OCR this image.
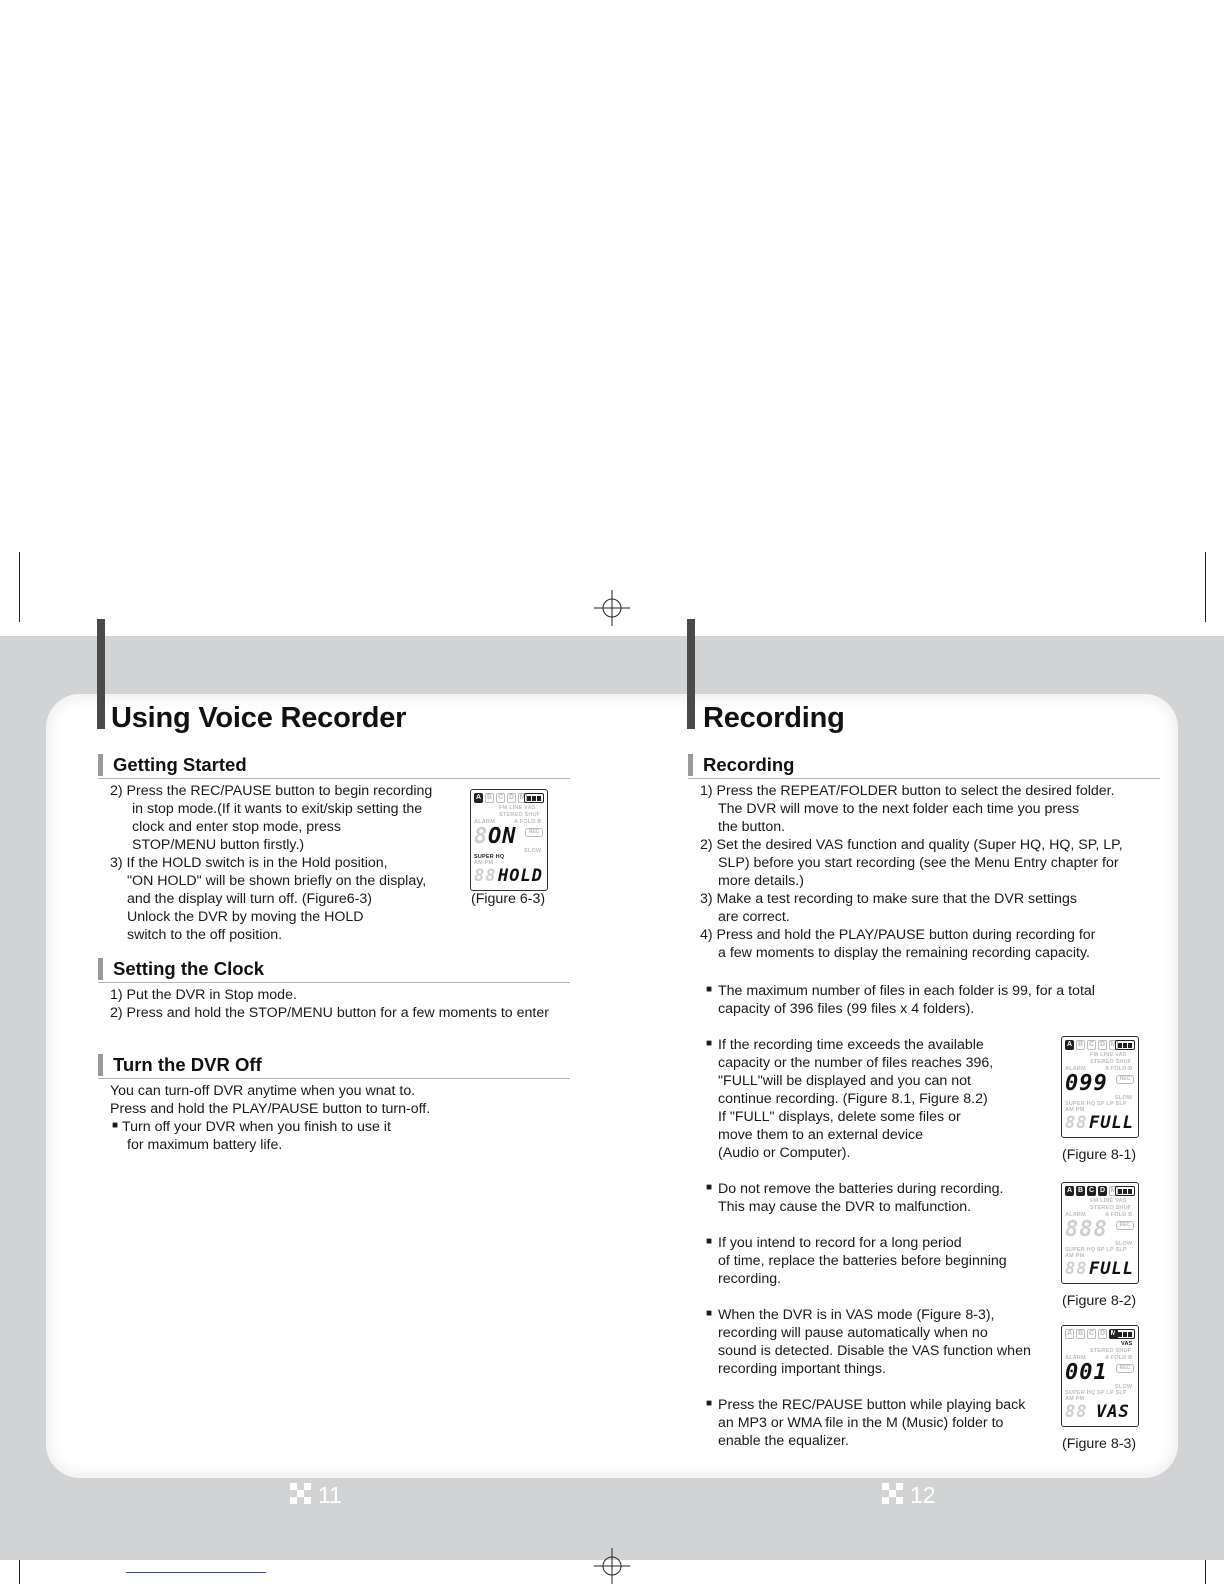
Using Voice Recorder
Getting Started
2) Press the REC/PAUSE button to begin recording
in stop mode.(If it wants to exit/skip setting the
clock and enter stop mode, press
STOP/MENU button firstly.)
3) If the HOLD switch is in the Hold position,
"ON HOLD" will be shown briefly on the display,
and the display will turn off. (Figure6-3)
Unlock the DVR by moving the HOLD
switch to the off position.
A B C D M
FM LINE VAS
STEREO SHUF
ALARM	A FOLD B
8 ON	REC
SLOW
SUPER HQ
AM PM
88 HOLD
(Figure 6-3)
Setting the Clock
1) Put the DVR in Stop mode.
2) Press and hold the STOP/MENU button for a few moments to enter
Turn the DVR Off
You can turn-off DVR anytime when you wnat to.
Press and hold the PLAY/PAUSE button to turn-off.
■ Turn off your DVR when you finish to use it
for maximum battery life.
Recording
Recording
1) Press the REPEAT/FOLDER button to select the desired folder.
The DVR will move to the next folder each time you press
the button.
2) Set the desired VAS function and quality (Super HQ, HQ, SP, LP,
SLP) before you start recording (see the Menu Entry chapter for
more details.)
3) Make a test recording to make sure that the DVR settings
are correct.
4) Press and hold the PLAY/PAUSE button during recording for
a few moments to display the remaining recording capacity.
■ The maximum number of files in each folder is 99, for a total
capacity of 396 files (99 files x 4 folders).
■ If the recording time exceeds the available
capacity or the number of files reaches 396,
"FULL"will be displayed and you can not
continue recording. (Figure 8.1, Figure 8.2)
If "FULL" displays, delete some files or
move them to an external device
(Audio or Computer).
■ Do not remove the batteries during recording.
This may cause the DVR to malfunction.
■ If you intend to record for a long period
of time, replace the batteries before beginning
recording.
■ When the DVR is in VAS mode (Figure 8-3),
recording will pause automatically when no
sound is detected. Disable the VAS function when
recording important things.
■ Press the REC/PAUSE button while playing back
an MP3 or WMA file in the M (Music) folder to
enable the equalizer.
A B C D M
FM LINE VAS
STEREO SHUF
ALARM	A FOLD B
099	REC
SLOW
SUPER HQ SP LP SLP
AM PM
88 FULL
(Figure 8-1)
A B C D M
FM LINE VAS
STEREO SHUF
ALARM	A FOLD B
888	REC
SLOW
SUPER HQ SP LP SLP
AM PM
88 FULL
(Figure 8-2)
A B C D M
VAS
STEREO SHUF
ALARM	A FOLD B
001	REC
SLOW
SUPER HQ SP LP SLP
AM PM
88 VAS
(Figure 8-3)
11	12
